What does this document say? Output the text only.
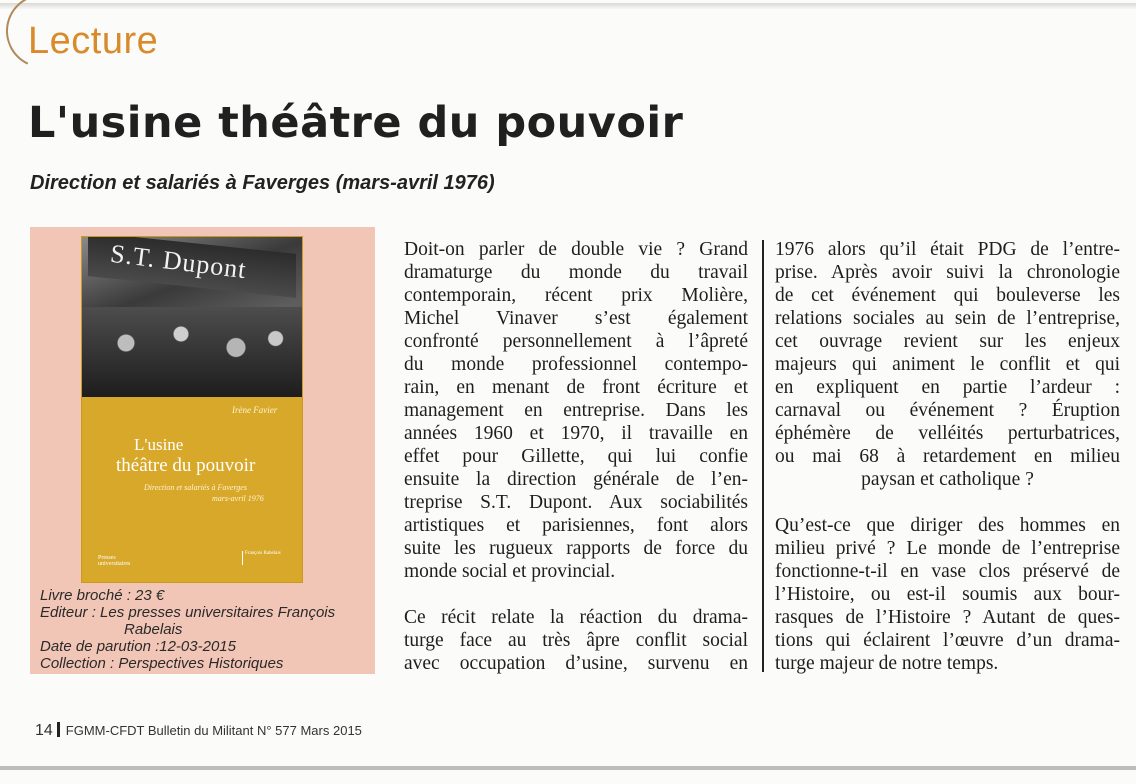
Lecture
L'usine théâtre du pouvoir
Direction et salariés à Faverges (mars-avril 1976)
S.T. Dupont
Irène Favier
L'usine
théâtre du pouvoir
Direction et salariés à Faverges
mars-avril 1976
Presses universitaires
François Rabelais
Livre broché : 23 €
Editeur : Les presses universitaires François
Rabelais
Date de parution :12-03-2015
Collection : Perspectives Historiques
Doit-on parler de double vie ? Grand
dramaturge du monde du travail
contemporain, récent prix Molière,
Michel Vinaver s’est également
confronté personnellement à l’âpreté
du monde professionnel contempo-
rain, en menant de front écriture et
management en entreprise. Dans les
années 1960 et 1970, il travaille en
effet pour Gillette, qui lui confie
ensuite la direction générale de l’en-
treprise S.T. Dupont. Aux sociabilités
artistiques et parisiennes, font alors
suite les rugueux rapports de force du
monde social et provincial.
Ce récit relate la réaction du drama-
turge face au très âpre conflit social
avec occupation d’usine, survenu en
1976 alors qu’il était PDG de l’entre-
prise. Après avoir suivi la chronologie
de cet événement qui bouleverse les
relations sociales au sein de l’entreprise,
cet ouvrage revient sur les enjeux
majeurs qui animent le conflit et qui
en expliquent en partie l’ardeur :
carnaval ou événement ? Éruption
éphémère de velléités perturbatrices,
ou mai 68 à retardement en milieu
paysan et catholique ?
Qu’est-ce que diriger des hommes en
milieu privé ? Le monde de l’entreprise
fonctionne-t-il en vase clos préservé de
l’Histoire, ou est-il soumis aux bour-
rasques de l’Histoire ? Autant de ques-
tions qui éclairent l’œuvre d’un drama-
turge majeur de notre temps.
14 FGMM-CFDT Bulletin du Militant N° 577 Mars 2015
